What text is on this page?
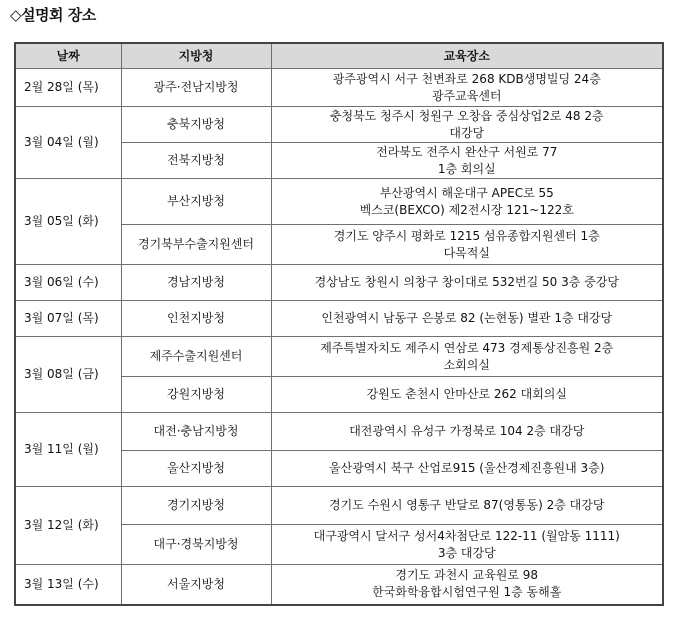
◇설명회 장소
날짜	지방청	교육장소
2월 28일 (목)	광주·전남지방청	광주광역시 서구 천변좌로 268 KDB생명빌딩 24층
광주교육센터

3월 04일 (월)	충북지방청	충청북도 청주시 청원구 오창읍 중심상업2로 48 2층
대강당

	전북지방청	전라북도 전주시 완산구 서원로 77
1층 회의실

3월 05일 (화)	부산지방청	부산광역시 해운대구 APEC로 55
벡스코(BEXCO) 제2전시장 121~122호

	경기북부수출지원센터	경기도 양주시 평화로 1215 섬유종합지원센터 1층
다목적실

3월 06일 (수)	경남지방청	경상남도 창원시 의창구 창이대로 532번길 50 3층 중강당

3월 07일 (목)	인천지방청	인천광역시 남동구 은봉로 82 (논현동) 별관 1층 대강당

3월 08일 (금)	제주수출지원센터	제주특별자치도 제주시 연삼로 473 경제통상진흥원 2층
소회의실

	강원지방청	강원도 춘천시 안마산로 262 대회의실

3월 11일 (월)	대전·충남지방청	대전광역시 유성구 가정북로 104 2층 대강당

	울산지방청	울산광역시 북구 산업로915 (울산경제진흥원내 3층)

3월 12일 (화)	경기지방청	경기도 수원시 영통구 반달로 87(영통동) 2층 대강당

	대구·경북지방청	대구광역시 달서구 성서4차첨단로 122-11 (월암동 1111)
3층 대강당

3월 13일 (수)	서울지방청	경기도 과천시 교육원로 98
한국화학융합시험연구원 1층 동해홀
